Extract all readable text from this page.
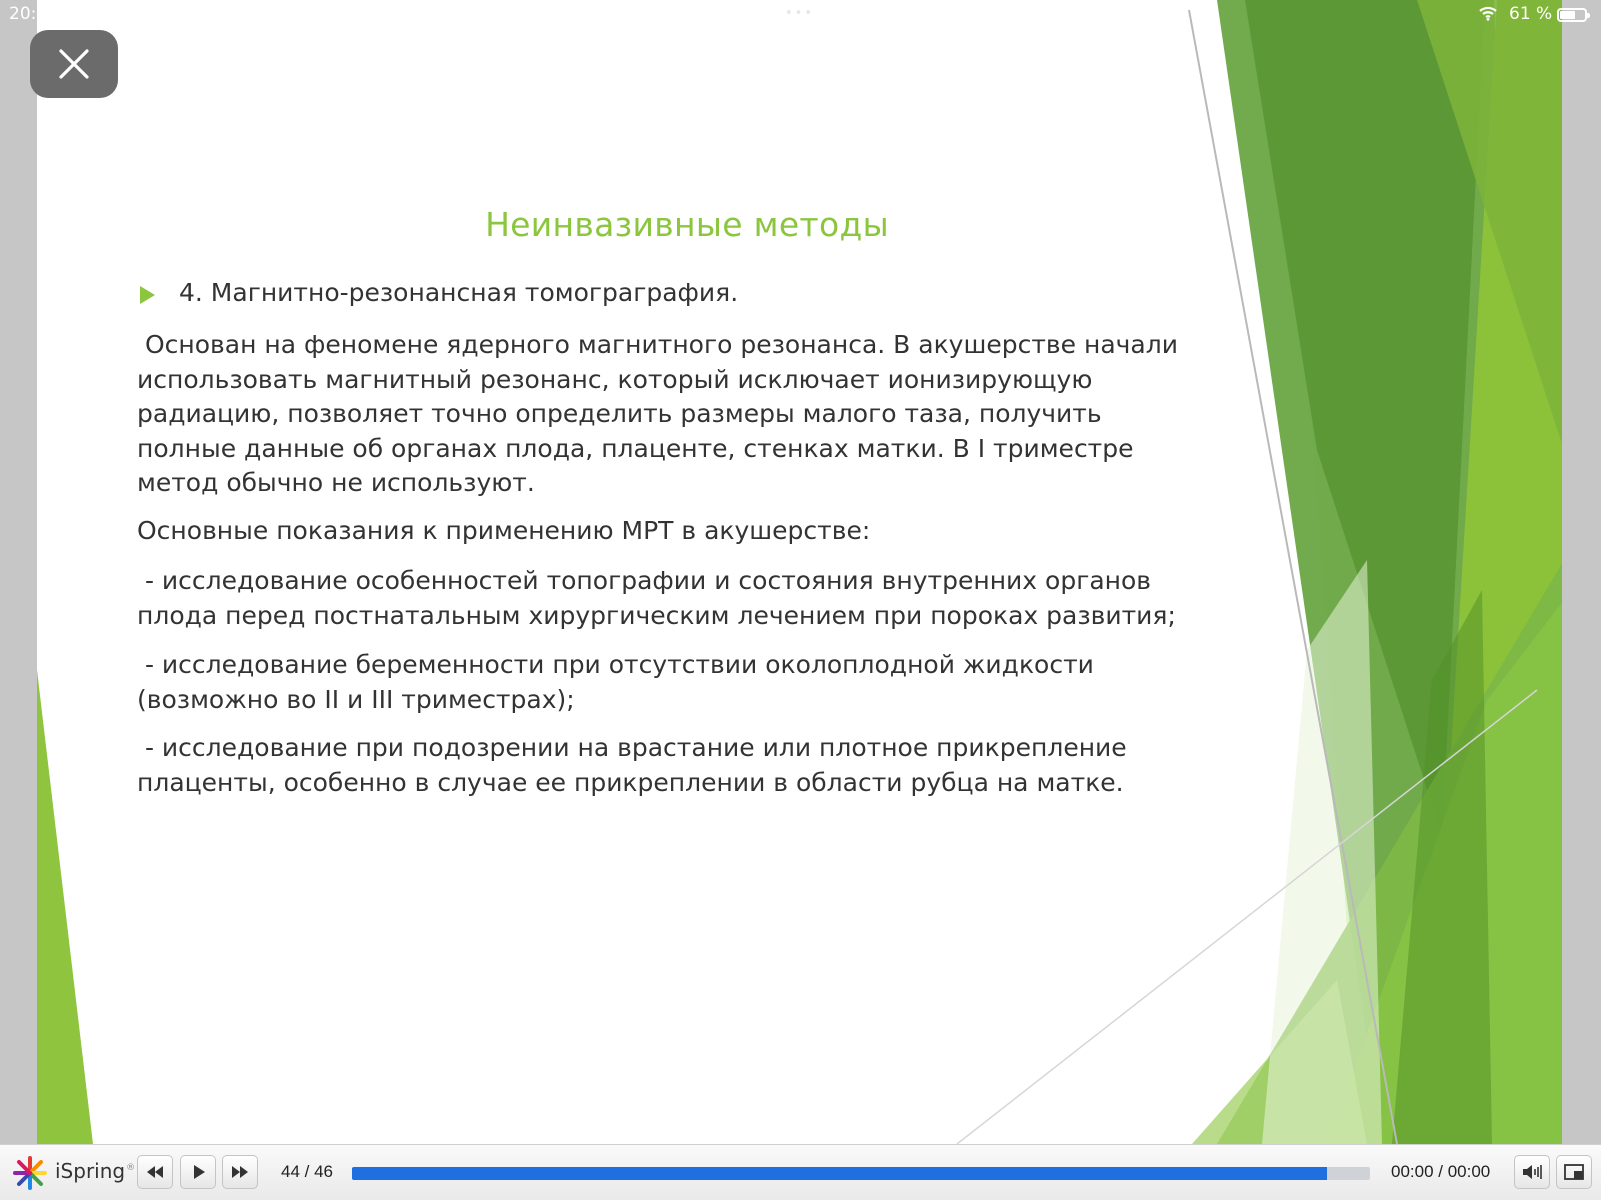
20:	•••	61 %
Неинвазивные методы
4. Магнитно-резонансная томограграфия.
Основан на феномене ядерного магнитного резонанса. В акушерстве начали
использовать магнитный резонанс, который исключает ионизирующую
радиацию, позволяет точно определить размеры малого таза, получить
полные данные об органах плода, плаценте, стенках матки. В I триместре
метод обычно не используют.
Основные показания к применению МРТ в акушерстве:
- исследование особенностей топографии и состояния внутренних органов
плода перед постнатальным хирургическим лечением при пороках развития;
- исследование беременности при отсутствии околоплодной жидкости
(возможно во II и III триместрах);
- исследование при подозрении на врастание или плотное прикрепление
плаценты, особенно в случае ее прикреплении в области рубца на матке.
iSpring®	44 / 46	00:00 / 00:00
